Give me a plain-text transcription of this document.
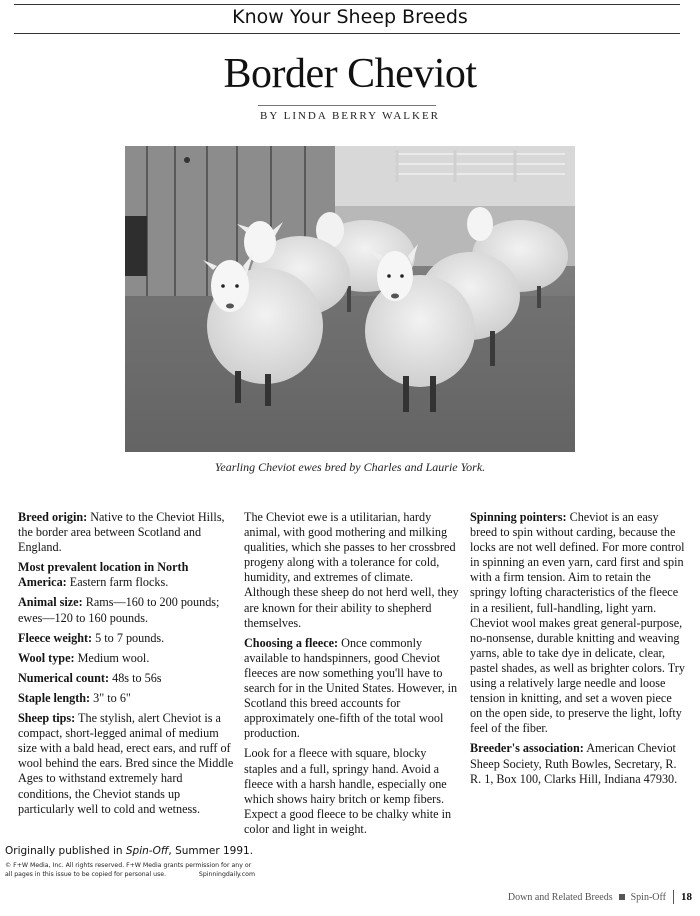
Know Your Sheep Breeds
Border Cheviot
BY LINDA BERRY WALKER
Yearling Cheviot ewes bred by Charles and Laurie York.

Breed origin: Native to the Cheviot Hills, the border area between Scotland and England.

Most prevalent location in North America: Eastern farm flocks.

Animal size: Rams—160 to 200 pounds; ewes—120 to 160 pounds.

Fleece weight: 5 to 7 pounds.

Wool type: Medium wool.

Numerical count: 48s to 56s

Staple length: 3" to 6"

Sheep tips: The stylish, alert Cheviot is a compact, short-legged animal of medium size with a bald head, erect ears, and ruff of wool behind the ears. Bred since the Middle Ages to withstand extremely hard conditions, the Cheviot stands up particularly well to cold and wetness.

The Cheviot ewe is a utilitarian, hardy animal, with good mothering and milking qualities, which she passes to her crossbred progeny along with a tolerance for cold, humidity, and extremes of climate. Although these sheep do not herd well, they are known for their ability to shepherd themselves.

Choosing a fleece: Once commonly available to handspinners, good Cheviot fleeces are now something you'll have to search for in the United States. However, in Scotland this breed accounts for approximately one-fifth of the total wool production.

Look for a fleece with square, blocky staples and a full, springy hand. Avoid a fleece with a harsh handle, especially one which shows hairy britch or kemp fibers. Expect a good fleece to be chalky white in color and light in weight.

Spinning pointers: Cheviot is an easy breed to spin without carding, because the locks are not well defined. For more control in spinning an even yarn, card first and spin with a firm tension. Aim to retain the springy lofting characteristics of the fleece in a resilient, full-handling, light yarn. Cheviot wool makes great general-purpose, no-nonsense, durable knitting and weaving yarns, able to take dye in delicate, clear, pastel shades, as well as brighter colors. Try using a relatively large needle and loose tension in knitting, and set a woven piece on the open side, to preserve the light, lofty feel of the fiber.

Breeder's association: American Cheviot Sheep Society, Ruth Bowles, Secretary, R. R. 1, Box 100, Clarks Hill, Indiana 47930.

Originally published in Spin-Off, Summer 1991.
© F+W Media, Inc. All rights reserved. F+W Media grants permission for any or all pages in this issue to be copied for personal use.	Spinningdaily.com
Down and Related Breeds Spin-Off 18
